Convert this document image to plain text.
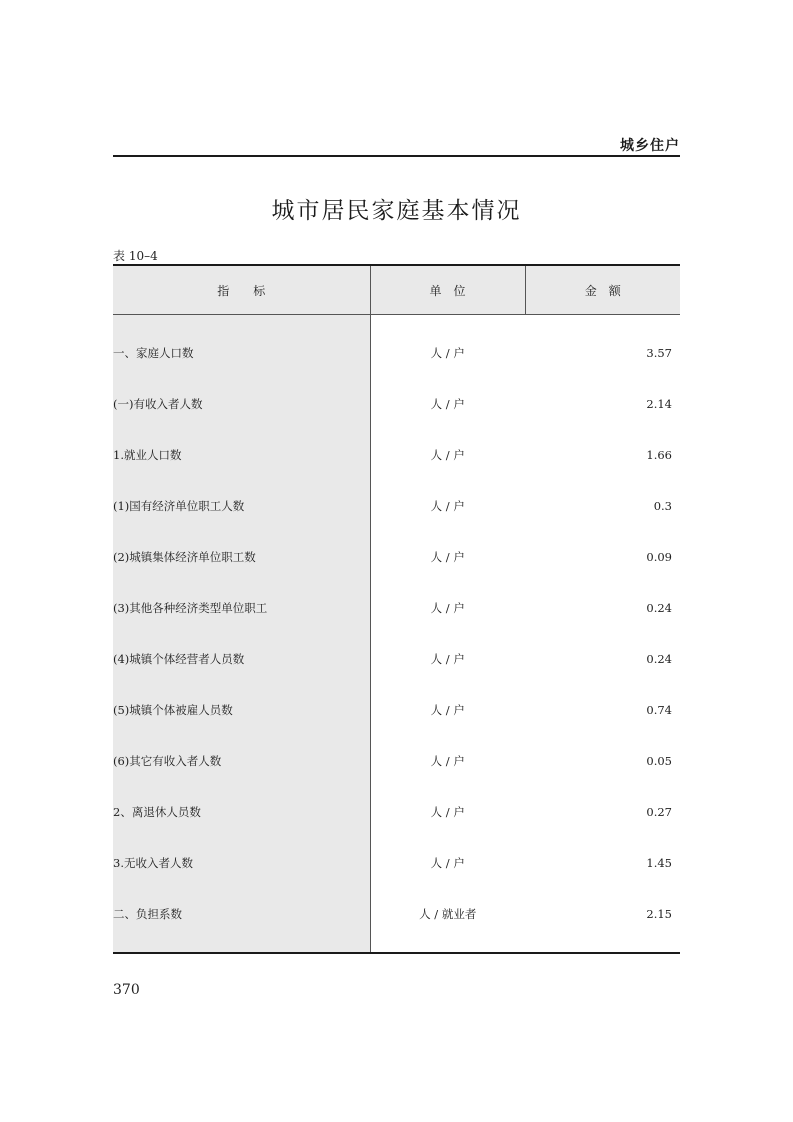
城乡住户
城市居民家庭基本情况
表 10–4
指　　标	单　位	金　额
一、家庭人口数	人 / 户	3.57
(一)有收入者人数	人 / 户	2.14
1.就业人口数	人 / 户	1.66
(1)国有经济单位职工人数	人 / 户	0.3
(2)城镇集体经济单位职工数	人 / 户	0.09
(3)其他各种经济类型单位职工	人 / 户	0.24
(4)城镇个体经营者人员数	人 / 户	0.24
(5)城镇个体被雇人员数	人 / 户	0.74
(6)其它有收入者人数	人 / 户	0.05
2、离退休人员数	人 / 户	0.27
3.无收入者人数	人 / 户	1.45
二、负担系数	人 / 就业者	2.15
370
